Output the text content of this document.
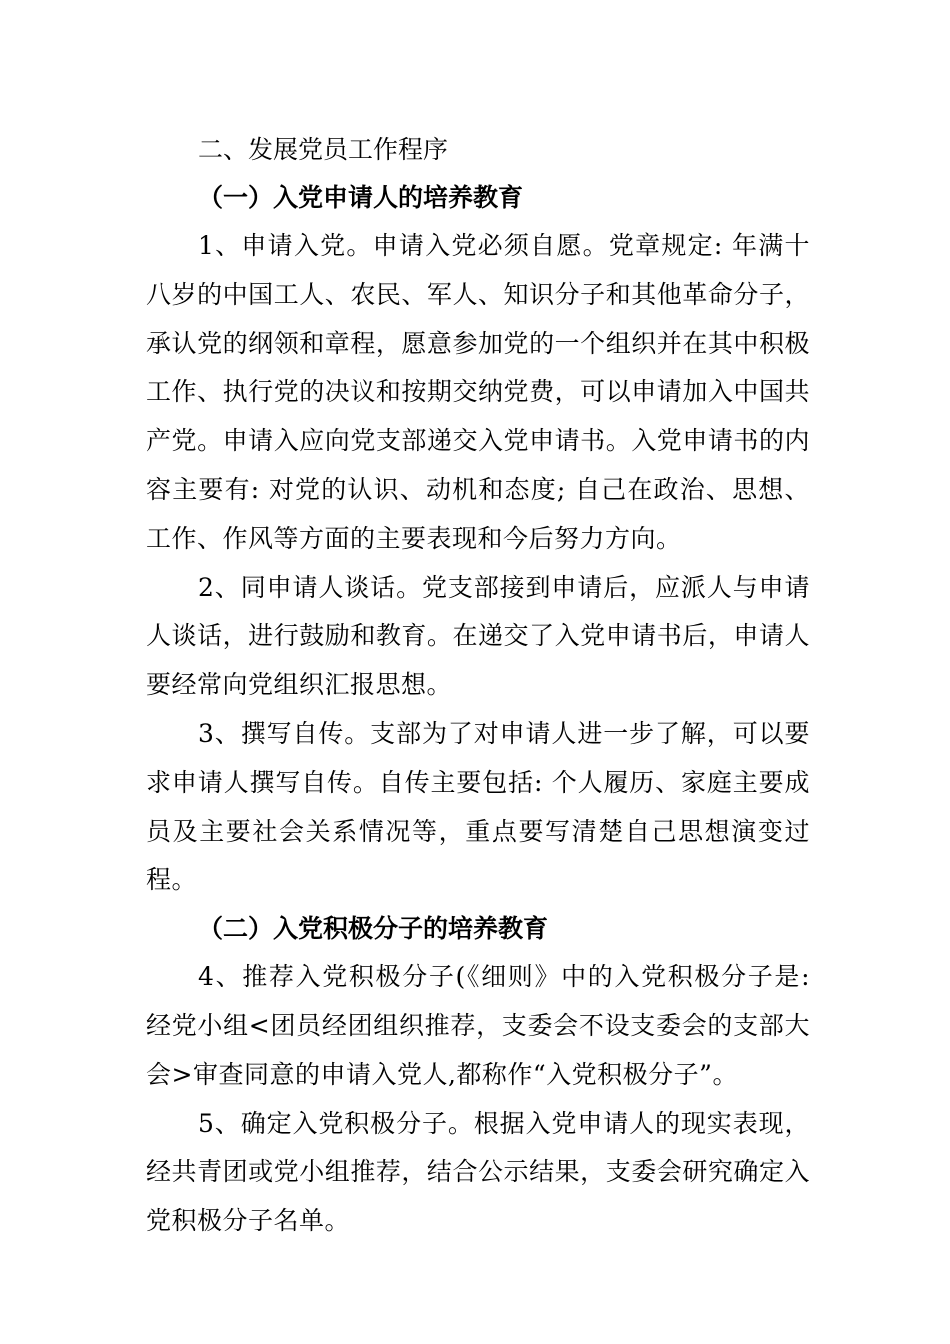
二、发展党员工作程序
（一）入党申请人的培养教育

1、申请入党。申请入党必须自愿。党章规定: 年满十八岁的中国工人、农民、军人、知识分子和其他革命分子，承认党的纲领和章程，愿意参加党的一个组织并在其中积极工作、执行党的决议和按期交纳党费，可以申请加入中国共产党。申请入应向党支部递交入党申请书。入党申请书的内容主要有: 对党的认识、动机和态度; 自己在政治、思想、工作、作风等方面的主要表现和今后努力方向。

2、同申请人谈话。党支部接到申请后，应派人与申请人谈话，进行鼓励和教育。在递交了入党申请书后，申请人要经常向党组织汇报思想。

3、撰写自传。支部为了对申请人进一步了解，可以要求申请人撰写自传。自传主要包括: 个人履历、家庭主要成员及主要社会关系情况等，重点要写清楚自己思想演变过程。

（二）入党积极分子的培养教育

4、推荐入党积极分子(《细则》中的入党积极分子是: 经党小组<团员经团组织推荐，支委会不设支委会的支部大会>审查同意的申请入党人,都称作“入党积极分子”。

5、确定入党积极分子。根据入党申请人的现实表现，经共青团或党小组推荐，结合公示结果，支委会研究确定入党积极分子名单。
